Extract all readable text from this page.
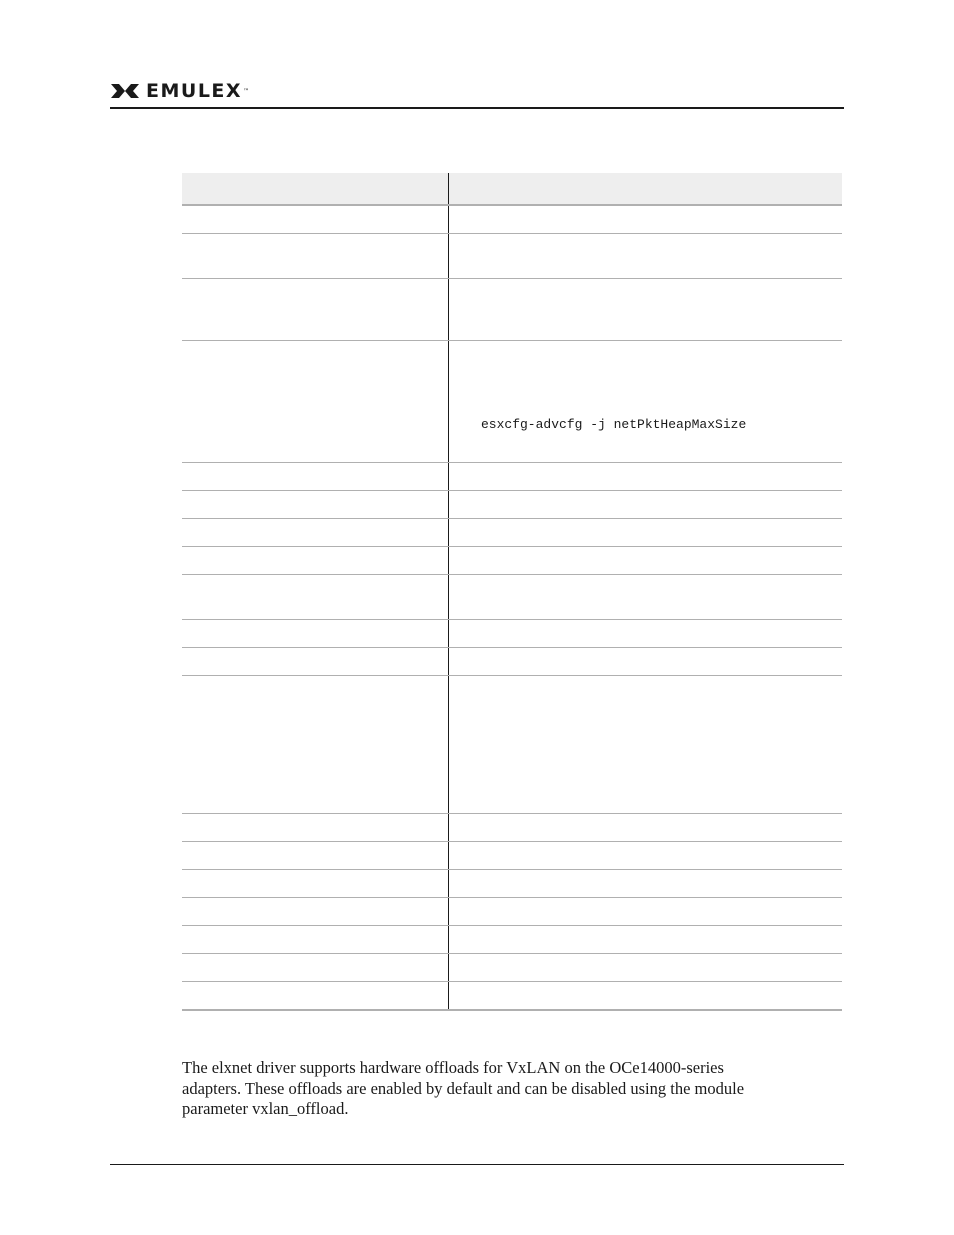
EMULEX ™
esxcfg-advcfg -j netPktHeapMaxSize

The elxnet driver supports hardware offloads for VxLAN on the OCe14000-series
adapters. These offloads are enabled by default and can be disabled using the module
parameter vxlan_offload.
